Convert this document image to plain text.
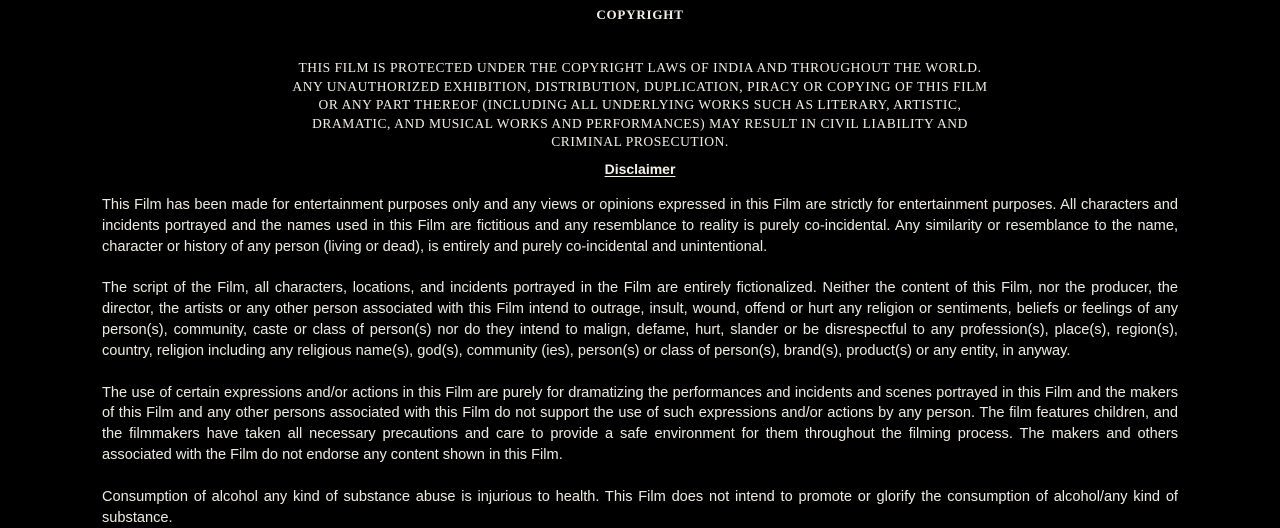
COPYRIGHT
THIS FILM IS PROTECTED UNDER THE COPYRIGHT LAWS OF INDIA AND THROUGHOUT THE WORLD.
ANY UNAUTHORIZED EXHIBITION, DISTRIBUTION, DUPLICATION, PIRACY OR COPYING OF THIS FILM
OR ANY PART THEREOF (INCLUDING ALL UNDERLYING WORKS SUCH AS LITERARY, ARTISTIC,
DRAMATIC, AND MUSICAL WORKS AND PERFORMANCES) MAY RESULT IN CIVIL LIABILITY AND
CRIMINAL PROSECUTION.
Disclaimer

This Film has been made for entertainment purposes only and any views or opinions expressed in this Film are strictly for entertainment purposes. All characters and incidents portrayed and the names used in this Film are fictitious and any resemblance to reality is purely co-incidental. Any similarity or resemblance to the name, character or history of any person (living or dead), is entirely and purely co-incidental and unintentional.

The script of the Film, all characters, locations, and incidents portrayed in the Film are entirely fictionalized. Neither the content of this Film, nor the producer, the director, the artists or any other person associated with this Film intend to outrage, insult, wound, offend or hurt any religion or sentiments, beliefs or feelings of any person(s), community, caste or class of person(s) nor do they intend to malign, defame, hurt, slander or be disrespectful to any profession(s), place(s), region(s), country, religion including any religious name(s), god(s), community (ies), person(s) or class of person(s), brand(s), product(s) or any entity, in anyway.

The use of certain expressions and/or actions in this Film are purely for dramatizing the performances and incidents and scenes portrayed in this Film and the makers of this Film and any other persons associated with this Film do not support the use of such expressions and/or actions by any person. The film features children, and the filmmakers have taken all necessary precautions and care to provide a safe environment for them throughout the filming process. The makers and others associated with the Film do not endorse any content shown in this Film.

Consumption of alcohol any kind of substance abuse is injurious to health. This Film does not intend to promote or glorify the consumption of alcohol/any kind of substance.
